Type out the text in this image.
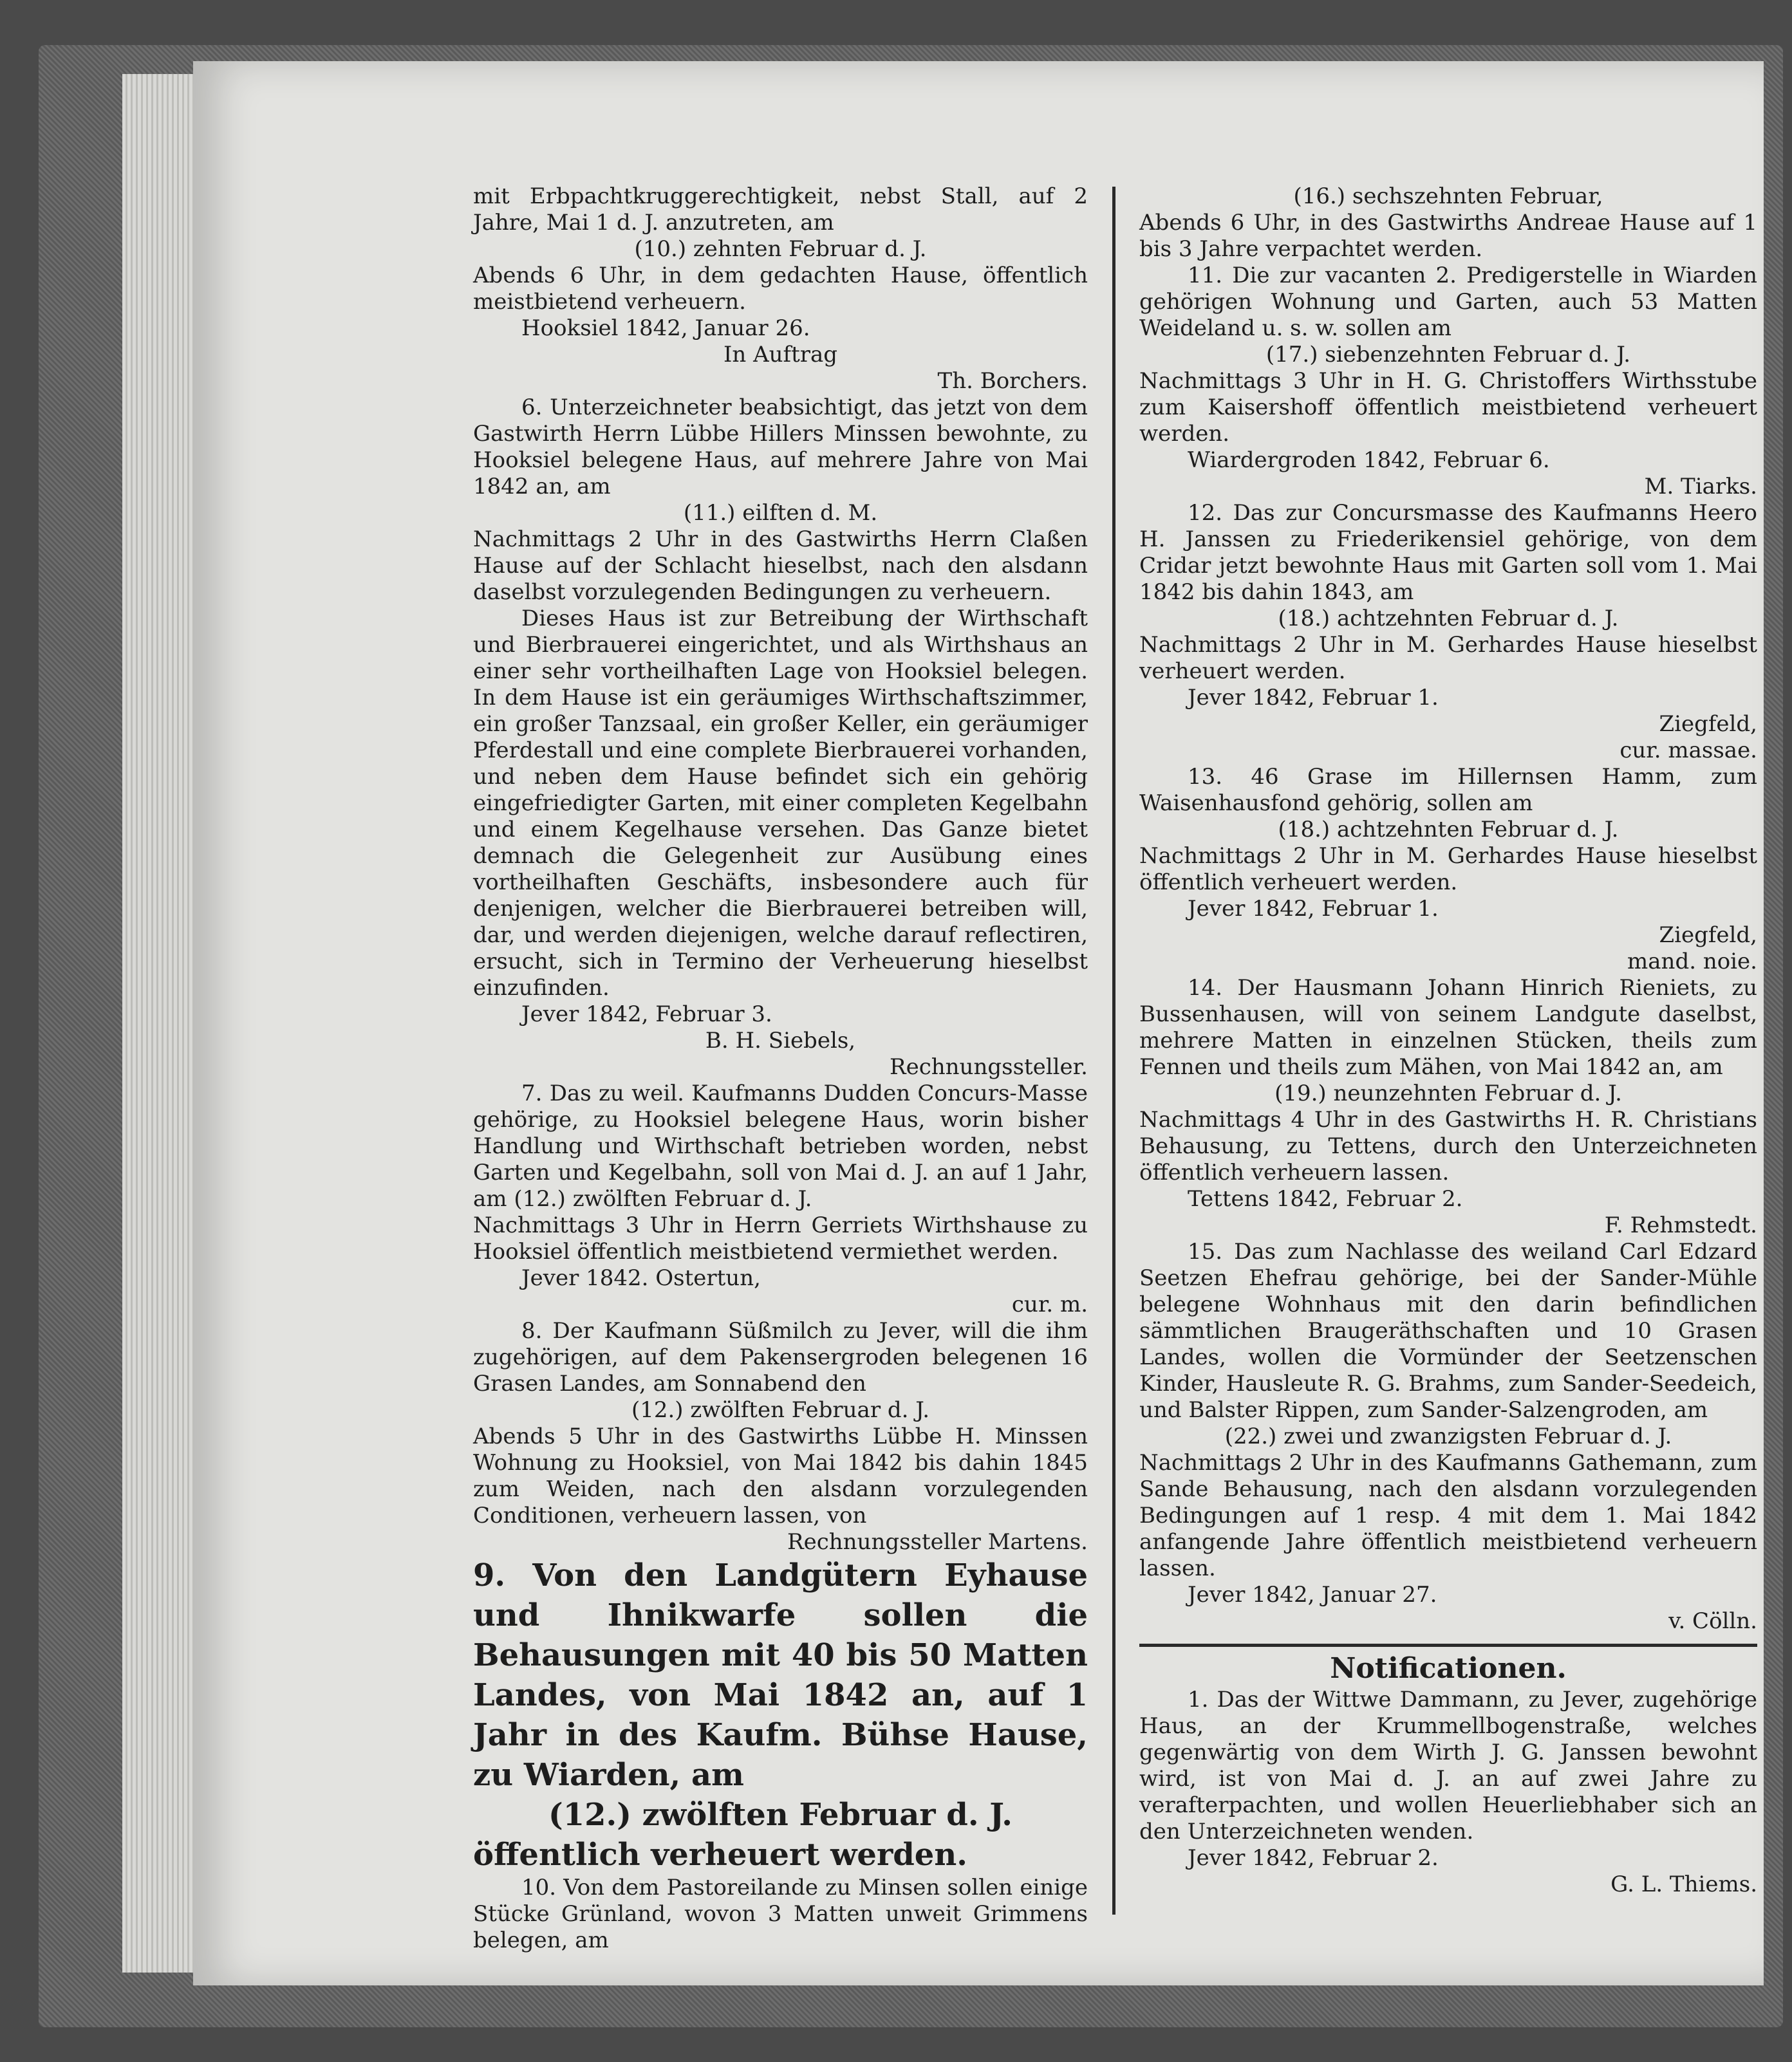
mit Erbpachtkruggerechtigkeit, nebst Stall, auf 2 Jahre, Mai 1 d. J. anzutreten, am

(10.) zehnten Februar d. J.

Abends 6 Uhr, in dem gedachten Hause, öffentlich meistbietend verheuern.

Hooksiel 1842, Januar 26.

In Auftrag

Th. Borchers.

6. Unterzeichneter beabsichtigt, das jetzt von dem Gastwirth Herrn Lübbe Hillers Minssen bewohnte, zu Hooksiel belegene Haus, auf mehrere Jahre von Mai 1842 an, am

(11.) eilften d. M.

Nachmittags 2 Uhr in des Gastwirths Herrn Claßen Hause auf der Schlacht hieselbst, nach den alsdann daselbst vorzulegenden Bedingungen zu verheuern.

Dieses Haus ist zur Betreibung der Wirthschaft und Bierbrauerei eingerichtet, und als Wirthshaus an einer sehr vortheilhaften Lage von Hooksiel belegen. In dem Hause ist ein geräumiges Wirthschaftszimmer, ein großer Tanzsaal, ein großer Keller, ein geräumiger Pferdestall und eine complete Bierbrauerei vorhanden, und neben dem Hause befindet sich ein gehörig eingefriedigter Garten, mit einer completen Kegelbahn und einem Kegelhause versehen. Das Ganze bietet demnach die Gelegenheit zur Ausübung eines vortheilhaften Geschäfts, insbesondere auch für denjenigen, welcher die Bierbrauerei betreiben will, dar, und werden diejenigen, welche darauf reflectiren, ersucht, sich in Termino der Verheuerung hieselbst einzufinden.

Jever 1842, Februar 3.

B. H. Siebels,

Rechnungssteller.

7. Das zu weil. Kaufmanns Dudden Concurs-Masse gehörige, zu Hooksiel belegene Haus, worin bisher Handlung und Wirthschaft betrieben worden, nebst Garten und Kegelbahn, soll von Mai d. J. an auf 1 Jahr, am (12.) zwölften Februar d. J.

Nachmittags 3 Uhr in Herrn Gerriets Wirthshause zu Hooksiel öffentlich meistbietend vermiethet werden.

Jever 1842. Ostertun,

cur. m.

8. Der Kaufmann Süßmilch zu Jever, will die ihm zugehörigen, auf dem Pakensergroden belegenen 16 Grasen Landes, am Sonnabend den

(12.) zwölften Februar d. J.

Abends 5 Uhr in des Gastwirths Lübbe H. Minssen Wohnung zu Hooksiel, von Mai 1842 bis dahin 1845 zum Weiden, nach den alsdann vorzulegenden Conditionen, verheuern lassen, von

Rechnungssteller Martens.

9. Von den Landgütern Eyhause und Ihnikwarfe sollen die Behausungen mit 40 bis 50 Matten Landes, von Mai 1842 an, auf 1 Jahr in des Kaufm. Bühse Hause, zu Wiarden, am

(12.) zwölften Februar d. J.

öffentlich verheuert werden.

10. Von dem Pastoreilande zu Minsen sollen einige Stücke Grünland, wovon 3 Matten unweit Grimmens belegen, am

(16.) sechszehnten Februar,

Abends 6 Uhr, in des Gastwirths Andreae Hause auf 1 bis 3 Jahre verpachtet werden.

11. Die zur vacanten 2. Predigerstelle in Wiarden gehörigen Wohnung und Garten, auch 53 Matten Weideland u. s. w. sollen am

(17.) siebenzehnten Februar d. J.

Nachmittags 3 Uhr in H. G. Christoffers Wirthsstube zum Kaisershoff öffentlich meistbietend verheuert werden.

Wiardergroden 1842, Februar 6.

M. Tiarks.

12. Das zur Concursmasse des Kaufmanns Heero H. Janssen zu Friederikensiel gehörige, von dem Cridar jetzt bewohnte Haus mit Garten soll vom 1. Mai 1842 bis dahin 1843, am

(18.) achtzehnten Februar d. J.

Nachmittags 2 Uhr in M. Gerhardes Hause hieselbst verheuert werden.

Jever 1842, Februar 1.

Ziegfeld,

cur. massae.

13. 46 Grase im Hillernsen Hamm, zum Waisenhausfond gehörig, sollen am

(18.) achtzehnten Februar d. J.

Nachmittags 2 Uhr in M. Gerhardes Hause hieselbst öffentlich verheuert werden.

Jever 1842, Februar 1.

Ziegfeld,

mand. noie.

14. Der Hausmann Johann Hinrich Rieniets, zu Bussenhausen, will von seinem Landgute daselbst, mehrere Matten in einzelnen Stücken, theils zum Fennen und theils zum Mähen, von Mai 1842 an, am

(19.) neunzehnten Februar d. J.

Nachmittags 4 Uhr in des Gastwirths H. R. Christians Behausung, zu Tettens, durch den Unterzeichneten öffentlich verheuern lassen.

Tettens 1842, Februar 2.

F. Rehmstedt.

15. Das zum Nachlasse des weiland Carl Edzard Seetzen Ehefrau gehörige, bei der Sander-Mühle belegene Wohnhaus mit den darin befindlichen sämmtlichen Braugeräthschaften und 10 Grasen Landes, wollen die Vormünder der Seetzenschen Kinder, Hausleute R. G. Brahms, zum Sander-Seedeich, und Balster Rippen, zum Sander-Salzengroden, am

(22.) zwei und zwanzigsten Februar d. J.

Nachmittags 2 Uhr in des Kaufmanns Gathemann, zum Sande Behausung, nach den alsdann vorzulegenden Bedingungen auf 1 resp. 4 mit dem 1. Mai 1842 anfangende Jahre öffentlich meistbietend verheuern lassen.

Jever 1842, Januar 27.

v. Cölln.

Notificationen.

1. Das der Wittwe Dammann, zu Jever, zugehörige Haus, an der Krummellbogenstraße, welches gegenwärtig von dem Wirth J. G. Janssen bewohnt wird, ist von Mai d. J. an auf zwei Jahre zu verafterpachten, und wollen Heuerliebhaber sich an den Unterzeichneten wenden.

Jever 1842, Februar 2.

G. L. Thiems.
